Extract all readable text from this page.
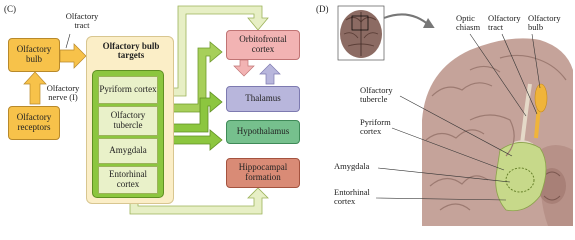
(C)
Olfactory tract
Olfactory bulb
Olfactory nerve (I)
Olfactory receptors
Olfactory bulb targets
Pyriform cortex
Olfactory tubercle
Amygdala
Entorhinal cortex
Orbitofrontal cortex
Thalamus
Hypothalamus
Hippocampal formation
(D)
Optic chiasm
Olfactory tract
Olfactory bulb
Olfactory tubercle
Pyriform cortex
Amygdala
Entorhinal cortex
